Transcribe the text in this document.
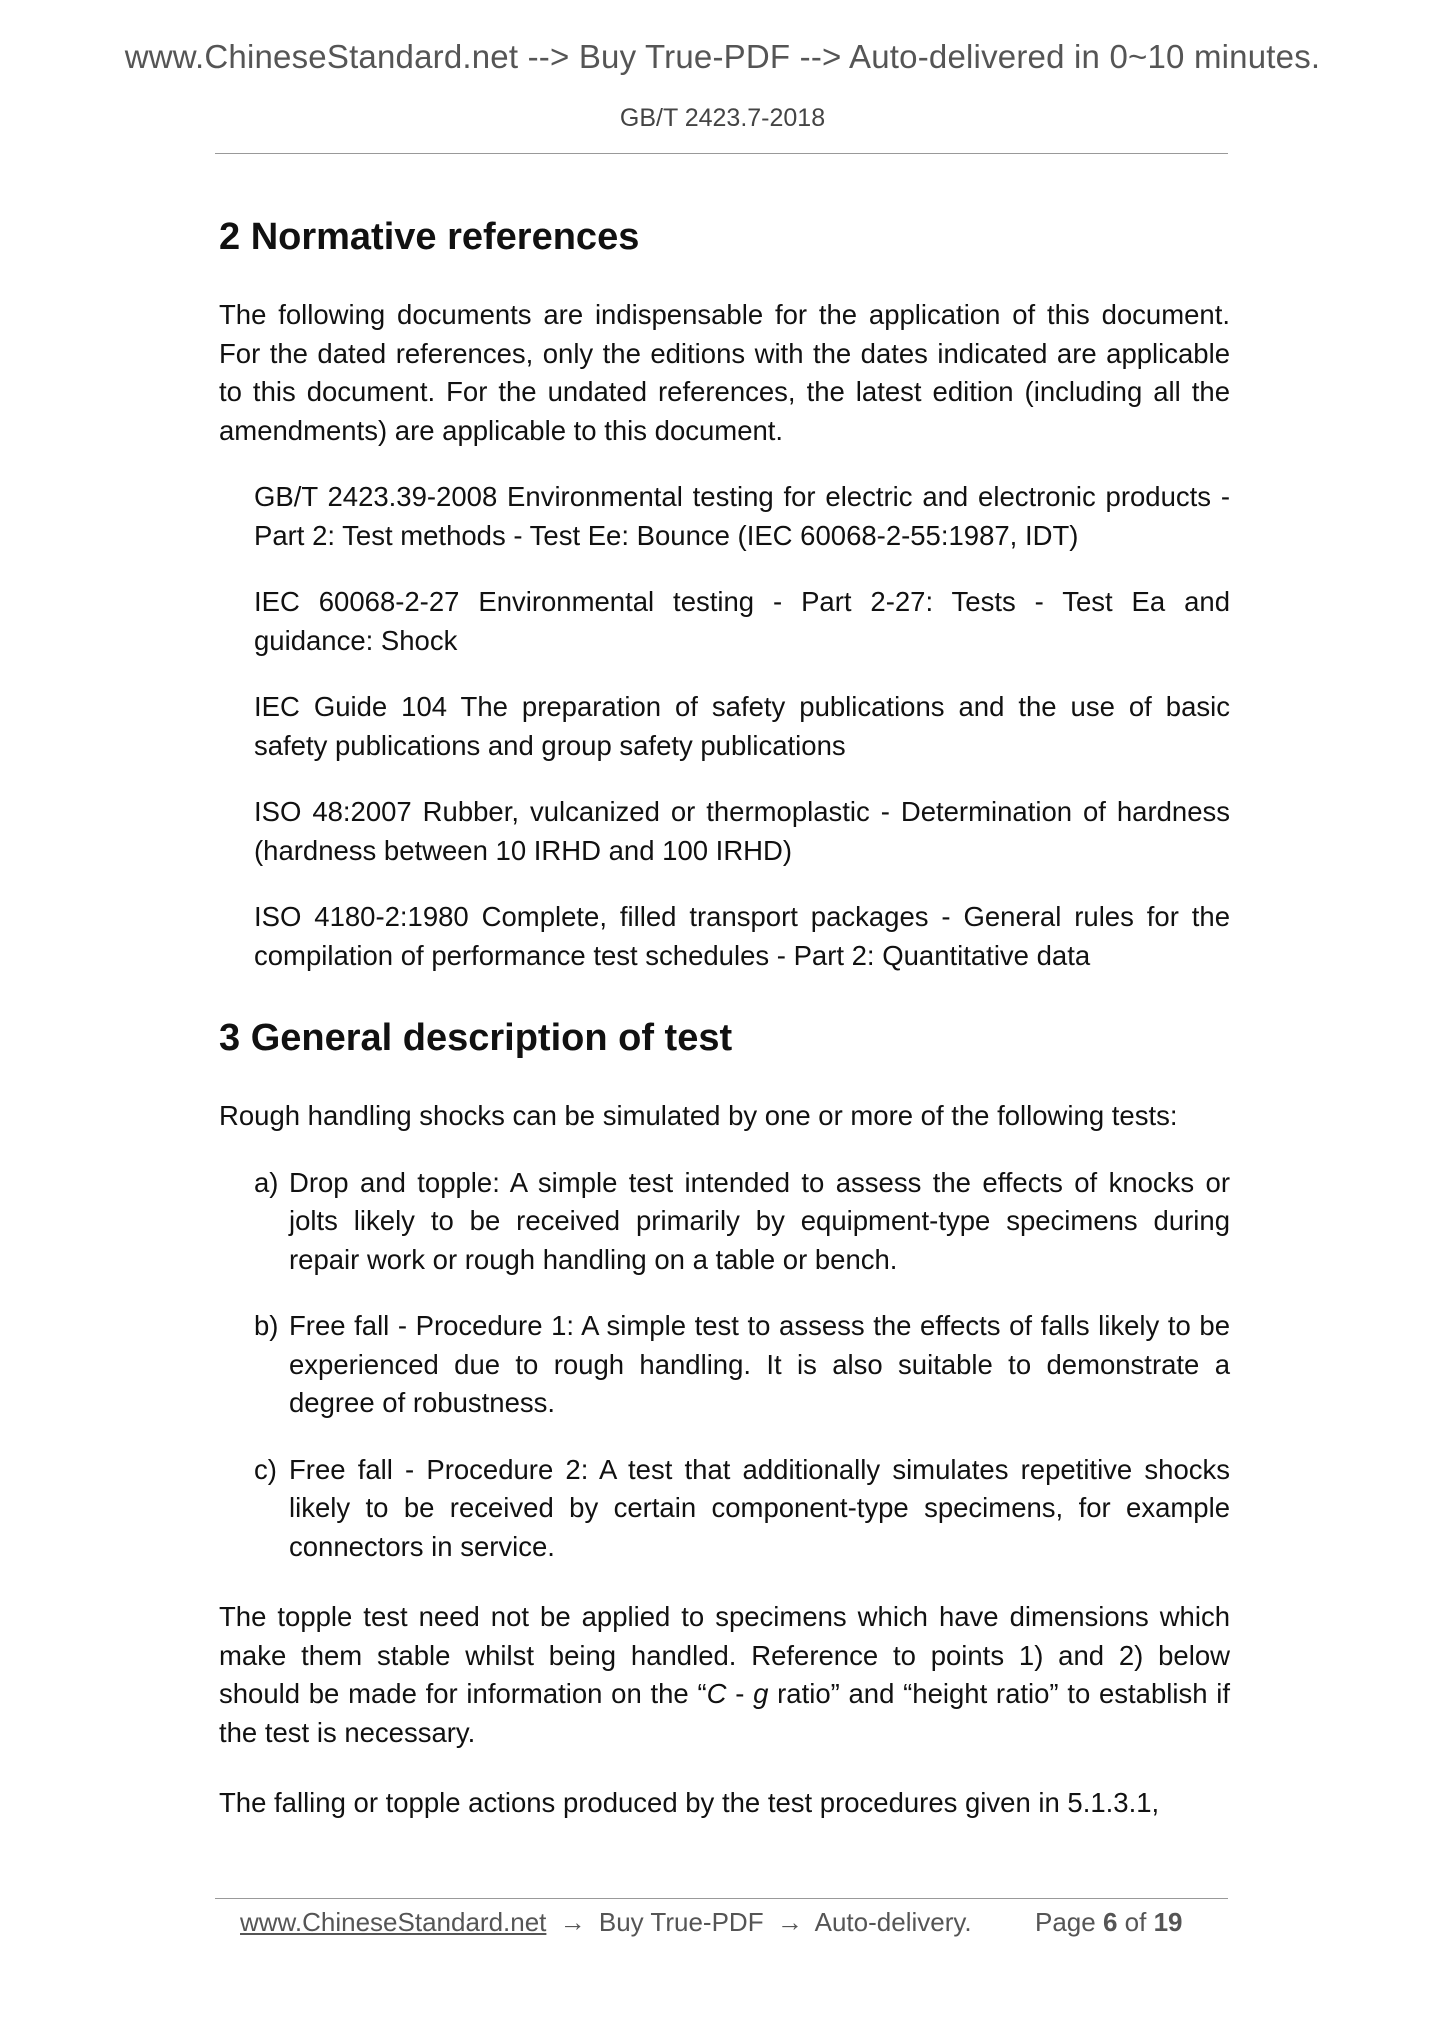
www.ChineseStandard.net --> Buy True-PDF --> Auto-delivered in 0~10 minutes.
GB/T 2423.7-2018
2 Normative references

The following documents are indispensable for the application of this document. For the dated references, only the editions with the dates indicated are applicable to this document. For the undated references, the latest edition (including all the amendments) are applicable to this document.

GB/T 2423.39-2008 Environmental testing for electric and electronic products - Part 2: Test methods - Test Ee: Bounce (IEC 60068-2-55:1987, IDT)

IEC 60068-2-27 Environmental testing - Part 2-27: Tests - Test Ea and guidance: Shock

IEC Guide 104 The preparation of safety publications and the use of basic safety publications and group safety publications

ISO 48:2007 Rubber, vulcanized or thermoplastic - Determination of hardness (hardness between 10 IRHD and 100 IRHD)

ISO 4180-2:1980 Complete, filled transport packages - General rules for the compilation of performance test schedules - Part 2: Quantitative data

3 General description of test

Rough handling shocks can be simulated by one or more of the following tests:

a) Drop and topple: A simple test intended to assess the effects of knocks or jolts likely to be received primarily by equipment-type specimens during repair work or rough handling on a table or bench.
b) Free fall - Procedure 1: A simple test to assess the effects of falls likely to be experienced due to rough handling. It is also suitable to demonstrate a degree of robustness.
c) Free fall - Procedure 2: A test that additionally simulates repetitive shocks likely to be received by certain component-type specimens, for example connectors in service.

The topple test need not be applied to specimens which have dimensions which make them stable whilst being handled. Reference to points 1) and 2) below should be made for information on the “C - g ratio” and “height ratio” to establish if the test is necessary.

The falling or topple actions produced by the test procedures given in 5.1.3.1,

www.ChineseStandard.net → Buy True-PDF → Auto-delivery. Page 6 of 19
